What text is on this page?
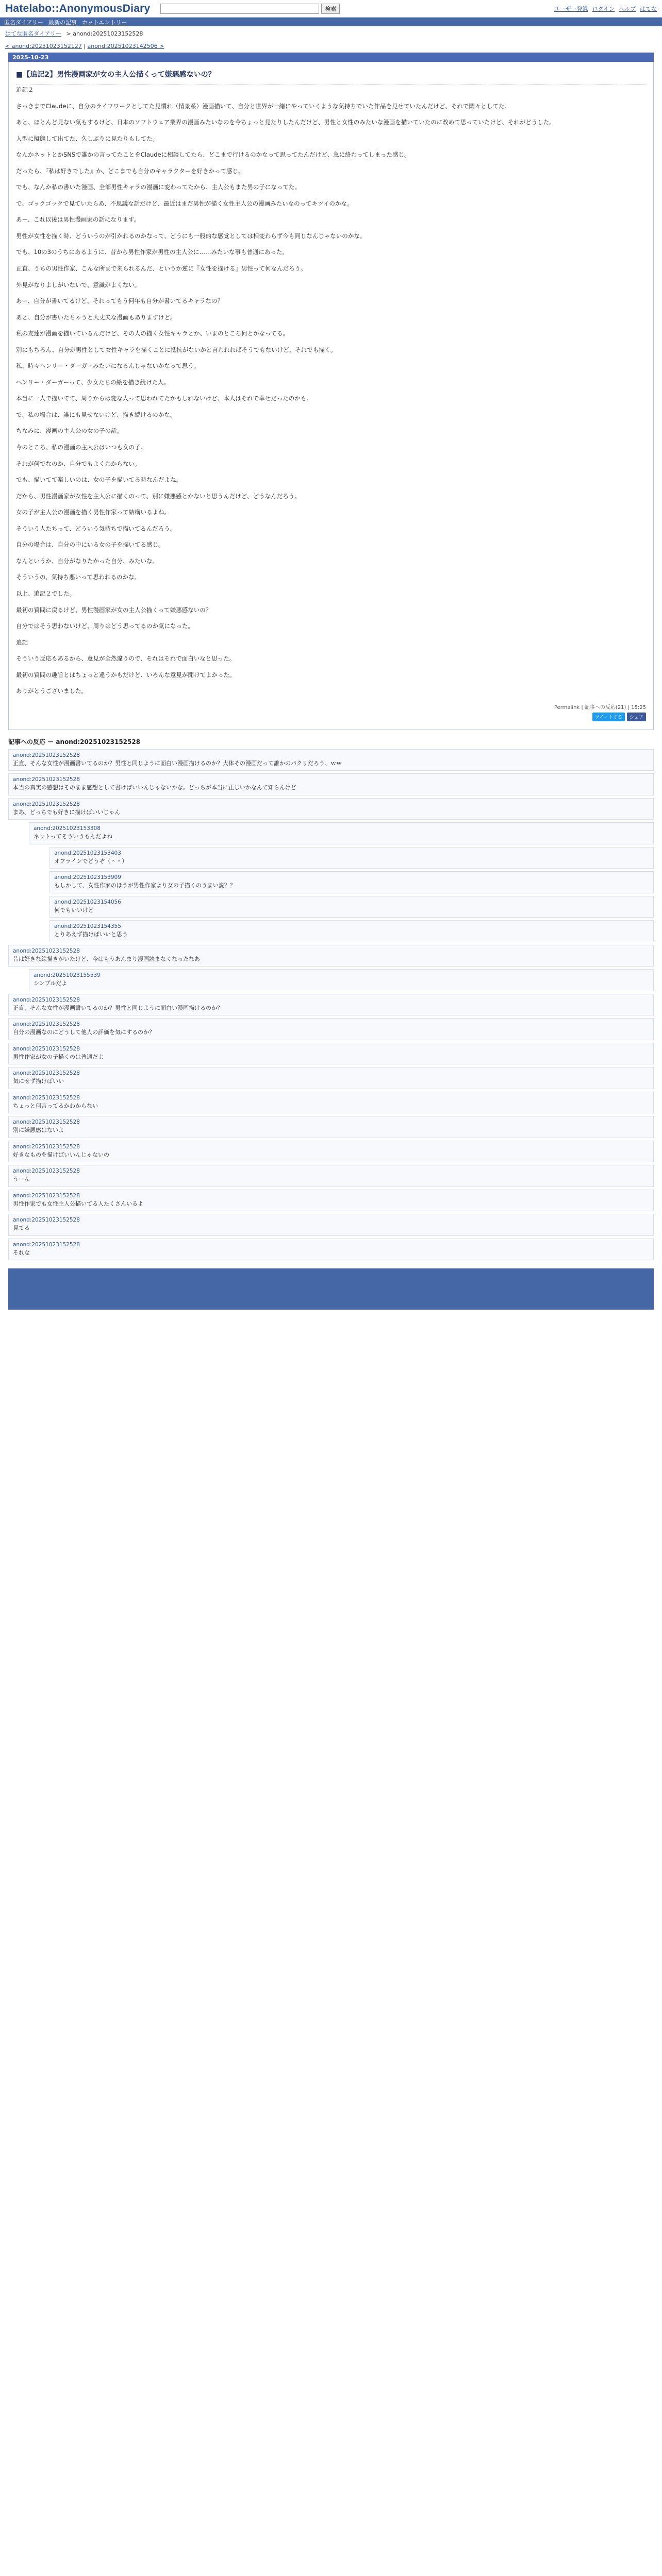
Hatelabo::AnonymousDiary	検索	ユーザー登録 ログイン ヘルプ はてな
匿名ダイアリー 最新の記事 ホットエントリー
はてな匿名ダイアリー > anond:20251023152528
< anond:20251023152127 | anond:20251023142506 >
2025-10-23
■【追記2】男性漫画家が女の主人公描くって嫌悪感ないの？

追記２

さっきまでClaudeに、自分のライフワークとしてた見慣れ（情景系）漫画描いて、自分と世界が一緒にやっていくような気持ちでいた作品を見せていたんだけど、それで悶々としてた。

あと、ほとんど見ない気もするけど、日本のソフトウェア業界の漫画みたいなのを今ちょっと見たりしたんだけど、男性と女性のみたいな漫画を描いていたのに改めて思っていたけど、それがどうした。

人型に擬態して出てた、久しぶりに見たりもしてた。

なんかネットとかSNSで誰かの言ってたことをClaudeに相談してたら、どこまで行けるのかなって思ってたんだけど、急に終わってしまった感じ。

だったら、『私は好きでした』か、どこまでも自分のキャラクターを好きかって感じ。

でも、なんか私の書いた漫画、全部男性キャラの漫画に変わってたから、主人公もまた男の子になってた。

で、ゴックゴックで見ていたらあ、不思議な話だけど、最近はまだ男性が描く女性主人公の漫画みたいなのってキツイのかな。

あー、これ以後は男性漫画家の話になります。

男性が女性を描く時、どういうのが引かれるのかなって、どうにも一般的な感覚としては相変わらず今も同じなんじゃないのかな。

でも、10の3のうちにあるように、昔から男性作家が男性の主人公に……みたいな事も普通にあった。

正直、うちの男性作家、こんな所まで来られるんだ、というか逆に『女性を描ける』男性って何なんだろう。

外見がなりよしがいないで、意識がよくない。

あー、自分が書いてるけど、それってもう何年も自分が書いてるキャラなの？

あと、自分が書いたちゃうと大丈夫な漫画もありますけど。

私の友達が漫画を描いているんだけど、その人の描く女性キャラとか、いまのところ何とかなってる。

別にもちろん、自分が男性として女性キャラを描くことに抵抗がないかと言われればそうでもないけど、それでも描く。

私、時々ヘンリー・ダーガーみたいになるんじゃないかなって思う。

ヘンリー・ダーガーって、少女たちの絵を描き続けた人。

本当に一人で描いてて、周りからは変な人って思われてたかもしれないけど、本人はそれで幸せだったのかも。

で、私の場合は、誰にも見せないけど、描き続けるのかな。

ちなみに、漫画の主人公の女の子の話。

今のところ、私の漫画の主人公はいつも女の子。

それが何でなのか、自分でもよくわからない。

でも、描いてて楽しいのは、女の子を描いてる時なんだよね。

だから、男性漫画家が女性を主人公に描くのって、別に嫌悪感とかないと思うんだけど、どうなんだろう。

女の子が主人公の漫画を描く男性作家って結構いるよね。

そういう人たちって、どういう気持ちで描いてるんだろう。

自分の場合は、自分の中にいる女の子を描いてる感じ。

なんというか、自分がなりたかった自分、みたいな。

そういうの、気持ち悪いって思われるのかな。

以上、追記２でした。

最初の質問に戻るけど、男性漫画家が女の主人公描くって嫌悪感ないの？

自分ではそう思わないけど、周りはどう思ってるのか気になった。

追記

そういう反応もあるから、意見が全然違うので、それはそれで面白いなと思った。

最初の質問の趣旨とはちょっと違うかもだけど、いろんな意見が聞けてよかった。

ありがとうございました。

Permalink | 記事への反応(21) | 15:25
ツイートする	シェア
記事への反応 － anond:20251023152528
anond:20251023152528
正直、そんな女性が漫画書いてるのか？男性と同じように面白い漫画描けるのか？大体その漫画だって誰かのパクリだろう、ｗｗ
anond:20251023152528
本当の真実の感想はそのまま感想として書けばいいんじゃないかな。どっちが本当に正しいかなんて知らんけど
anond:20251023152528
まあ、どっちでも好きに描けばいいじゃん
anond:20251023153308
ネットってそういうもんだよね
anond:20251023153403
オフラインでどうぞ（＾＾）
anond:20251023153909
もしかして、女性作家のほうが男性作家より女の子描くのうまい説？？
anond:20251023154056
何でもいいけど
anond:20251023154355
とりあえず描けばいいと思う
anond:20251023152528
昔は好きな絵描きがいたけど、今はもうあんまり漫画読まなくなったなあ
anond:20251023155539
シンプルだよ
anond:20251023152528
正直、そんな女性が漫画書いてるのか？男性と同じように面白い漫画描けるのか？
anond:20251023152528
自分の漫画なのにどうして他人の評価を気にするのか？
anond:20251023152528
男性作家が女の子描くのは普通だよ
anond:20251023152528
気にせず描けばいい
anond:20251023152528
ちょっと何言ってるかわからない
anond:20251023152528
別に嫌悪感はないよ
anond:20251023152528
好きなものを描けばいいんじゃないの
anond:20251023152528
うーん
anond:20251023152528
男性作家でも女性主人公描いてる人たくさんいるよ
anond:20251023152528
見てる
anond:20251023152528
それな
